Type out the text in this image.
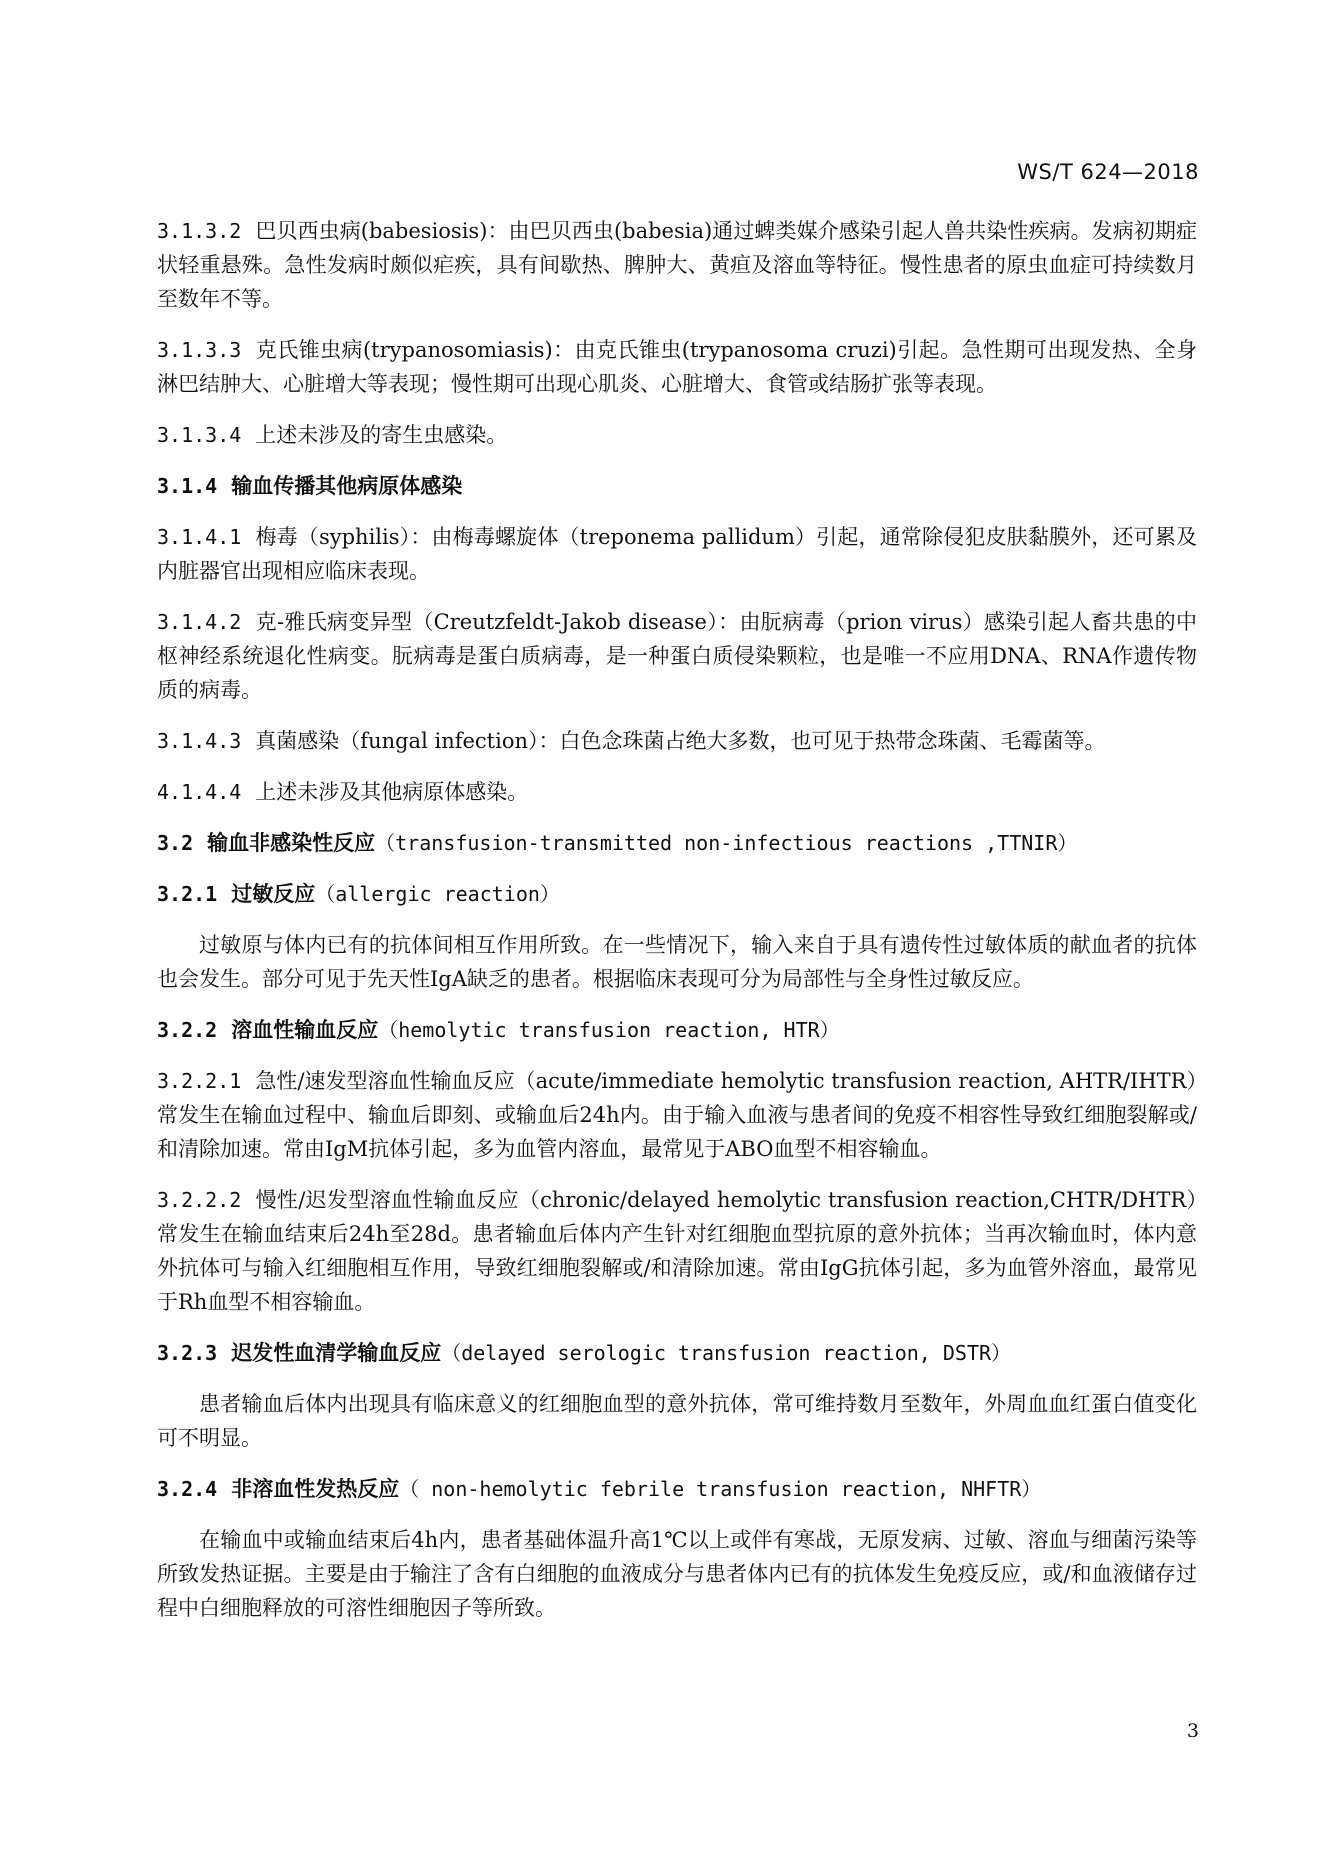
WS/T 624—2018

3.1.3.2 巴贝西虫病(babesiosis)：由巴贝西虫(babesia)通过蜱类媒介感染引起人兽共染性疾病。发病初期症状轻重悬殊。急性发病时颇似疟疾，具有间歇热、脾肿大、黄疸及溶血等特征。慢性患者的原虫血症可持续数月至数年不等。

3.1.3.3 克氏锥虫病(trypanosomiasis)：由克氏锥虫(trypanosoma cruzi)引起。急性期可出现发热、全身淋巴结肿大、心脏增大等表现；慢性期可出现心肌炎、心脏增大、食管或结肠扩张等表现。

3.1.3.4 上述未涉及的寄生虫感染。

3.1.4 输血传播其他病原体感染

3.1.4.1 梅毒（syphilis）：由梅毒螺旋体（treponema pallidum）引起，通常除侵犯皮肤黏膜外，还可累及内脏器官出现相应临床表现。

3.1.4.2 克-雅氏病变异型（Creutzfeldt-Jakob disease）：由朊病毒（prion virus）感染引起人畜共患的中枢神经系统退化性病变。朊病毒是蛋白质病毒，是一种蛋白质侵染颗粒，也是唯一不应用DNA、RNA作遗传物质的病毒。

3.1.4.3 真菌感染（fungal infection）：白色念珠菌占绝大多数，也可见于热带念珠菌、毛霉菌等。

4.1.4.4 上述未涉及其他病原体感染。

3.2 输血非感染性反应（transfusion-transmitted non-infectious reactions ,TTNIR）

3.2.1 过敏反应（allergic reaction）

过敏原与体内已有的抗体间相互作用所致。在一些情况下，输入来自于具有遗传性过敏体质的献血者的抗体也会发生。部分可见于先天性IgA缺乏的患者。根据临床表现可分为局部性与全身性过敏反应。

3.2.2 溶血性输血反应（hemolytic transfusion reaction, HTR）

3.2.2.1 急性/速发型溶血性输血反应（acute/immediate hemolytic transfusion reaction, AHTR/IHTR）常发生在输血过程中、输血后即刻、或输血后24h内。由于输入血液与患者间的免疫不相容性导致红细胞裂解或/和清除加速。常由IgM抗体引起，多为血管内溶血，最常见于ABO血型不相容输血。

3.2.2.2 慢性/迟发型溶血性输血反应（chronic/delayed hemolytic transfusion reaction,CHTR/DHTR）常发生在输血结束后24h至28d。患者输血后体内产生针对红细胞血型抗原的意外抗体；当再次输血时，体内意外抗体可与输入红细胞相互作用，导致红细胞裂解或/和清除加速。常由IgG抗体引起，多为血管外溶血，最常见于Rh血型不相容输血。

3.2.3 迟发性血清学输血反应（delayed serologic transfusion reaction, DSTR）

患者输血后体内出现具有临床意义的红细胞血型的意外抗体，常可维持数月至数年，外周血血红蛋白值变化可不明显。

3.2.4 非溶血性发热反应（ non-hemolytic febrile transfusion reaction, NHFTR）

在输血中或输血结束后4h内，患者基础体温升高1℃以上或伴有寒战，无原发病、过敏、溶血与细菌污染等所致发热证据。主要是由于输注了含有白细胞的血液成分与患者体内已有的抗体发生免疫反应，或/和血液储存过程中白细胞释放的可溶性细胞因子等所致。

3
